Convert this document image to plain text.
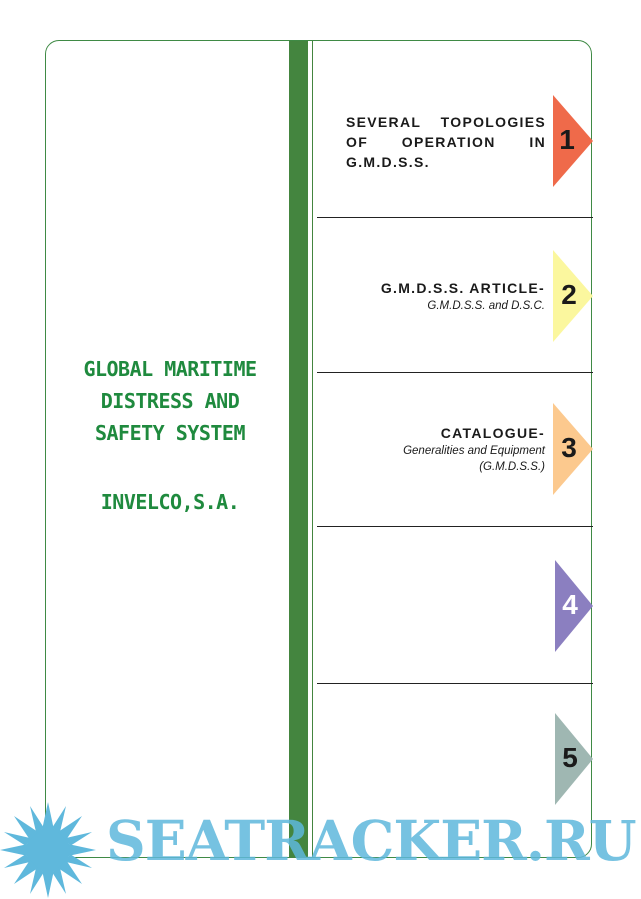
GLOBAL MARITIME
DISTRESS AND
SAFETY SYSTEM
INVELCO,S.A.
SEVERAL TOPOLOGIES OF OPERATION IN G.M.D.S.S.
1
G.M.D.S.S. ARTICLE-
G.M.D.S.S. and D.S.C. 2
CATALOGUE-
Generalities and Equipment (G.M.D.S.S.)
3
4
5
SEATRACKER.RU
